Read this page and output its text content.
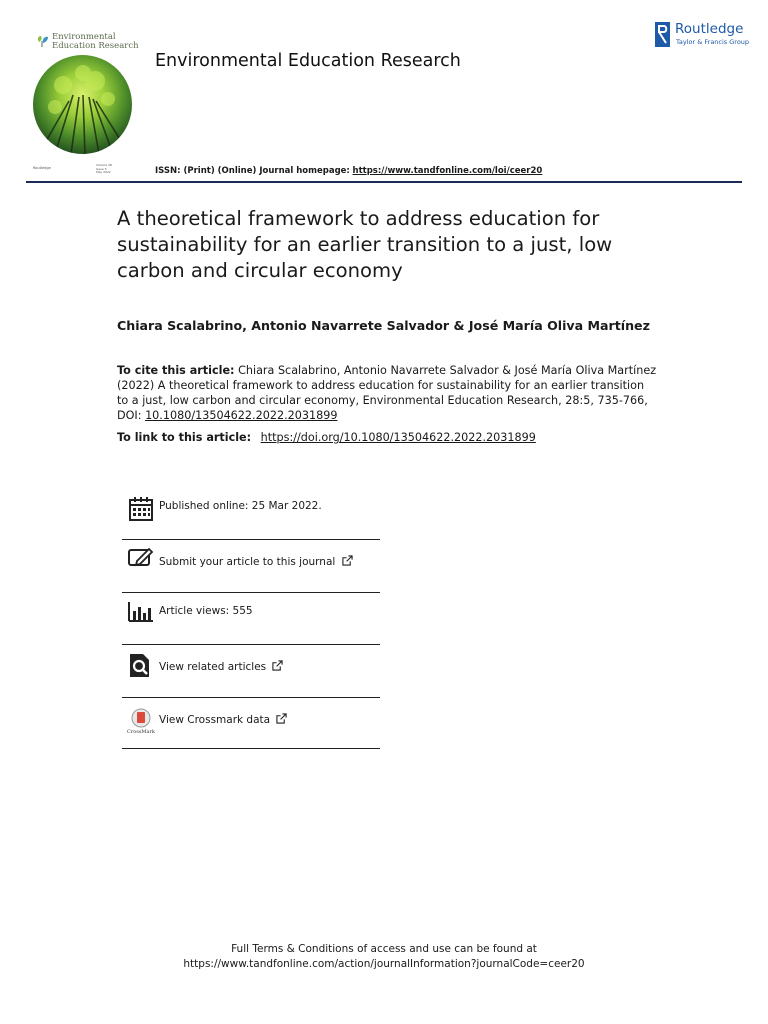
Environmental
Education Research
Environmental Education Research
Routledge
Taylor & Francis Group
Routledge
Volume 28
Issue 5
May 2022	ISSN: (Print) (Online) Journal homepage: https://www.tandfonline.com/loi/ceer20
A theoretical framework to address education for sustainability for an earlier transition to a just, low carbon and circular economy
Chiara Scalabrino, Antonio Navarrete Salvador & José María Oliva Martínez
To cite this article: Chiara Scalabrino, Antonio Navarrete Salvador & José María Oliva Martínez (2022) A theoretical framework to address education for sustainability for an earlier transition to a just, low carbon and circular economy, Environmental Education Research, 28:5, 735-766, DOI: 10.1080/13504622.2022.2031899
To link to this article: https://doi.org/10.1080/13504622.2022.2031899
Published online: 25 Mar 2022.
Submit your article to this journal
Article views: 555
View related articles
CrossMark
View Crossmark data
Full Terms & Conditions of access and use can be found at
https://www.tandfonline.com/action/journalInformation?journalCode=ceer20
